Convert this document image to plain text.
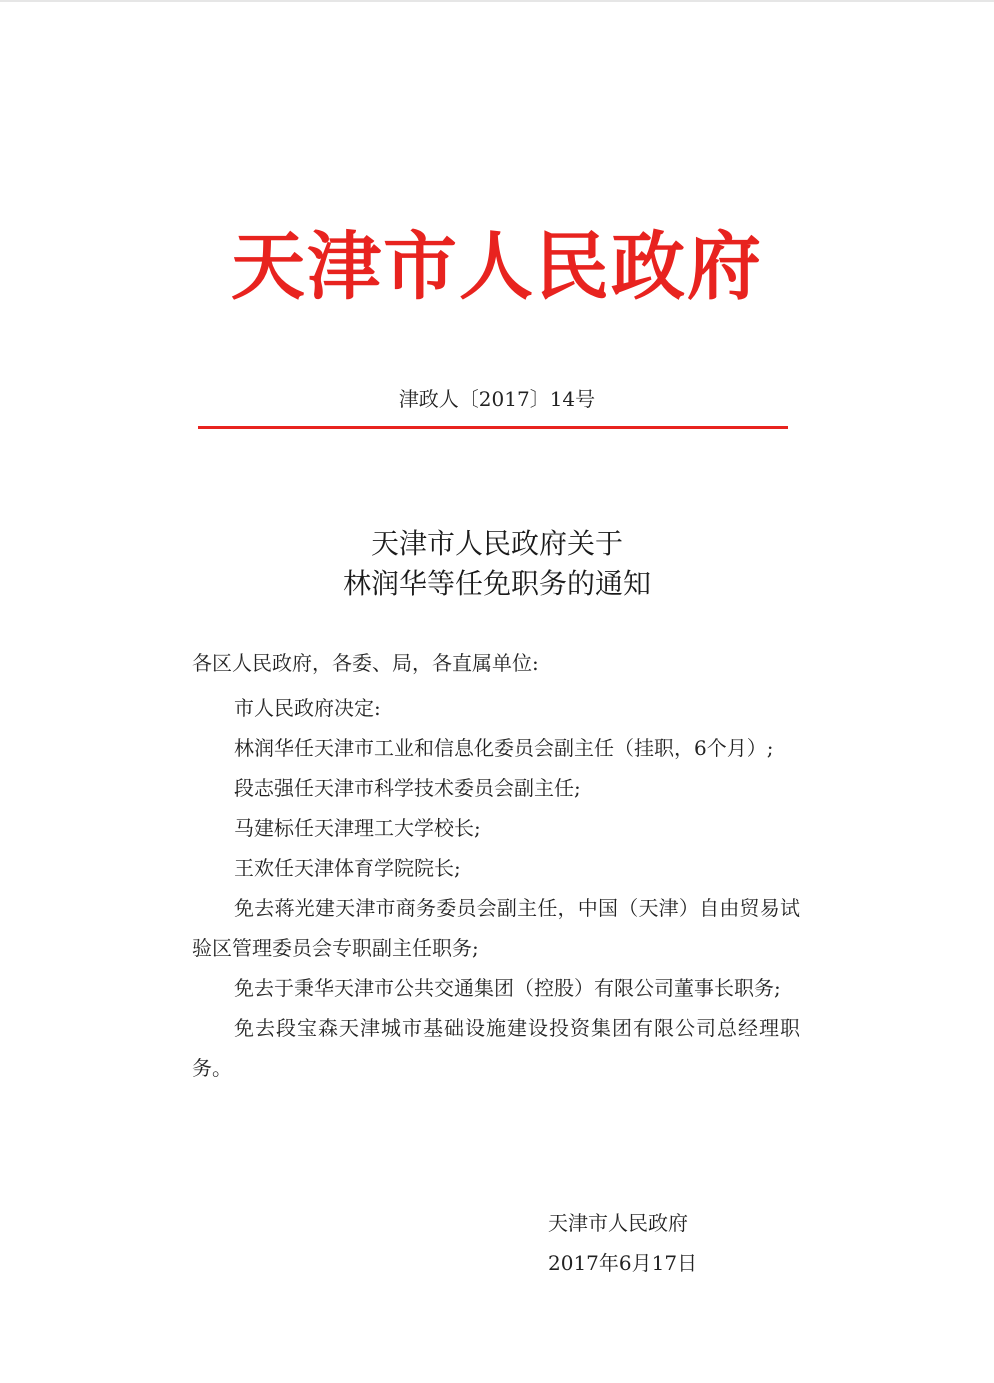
天津市人民政府
津政人〔2017〕14号
天津市人民政府关于
林润华等任免职务的通知
各区人民政府，各委、局，各直属单位:
市人民政府决定:
林润华任天津市工业和信息化委员会副主任（挂职，6个月）;
段志强任天津市科学技术委员会副主任;
马建标任天津理工大学校长;
王欢任天津体育学院院长;
免去蒋光建天津市商务委员会副主任，中国（天津）自由贸易试验区管理委员会专职副主任职务;
免去于秉华天津市公共交通集团（控股）有限公司董事长职务;
免去段宝森天津城市基础设施建设投资集团有限公司总经理职务。
天津市人民政府
2017年6月17日
